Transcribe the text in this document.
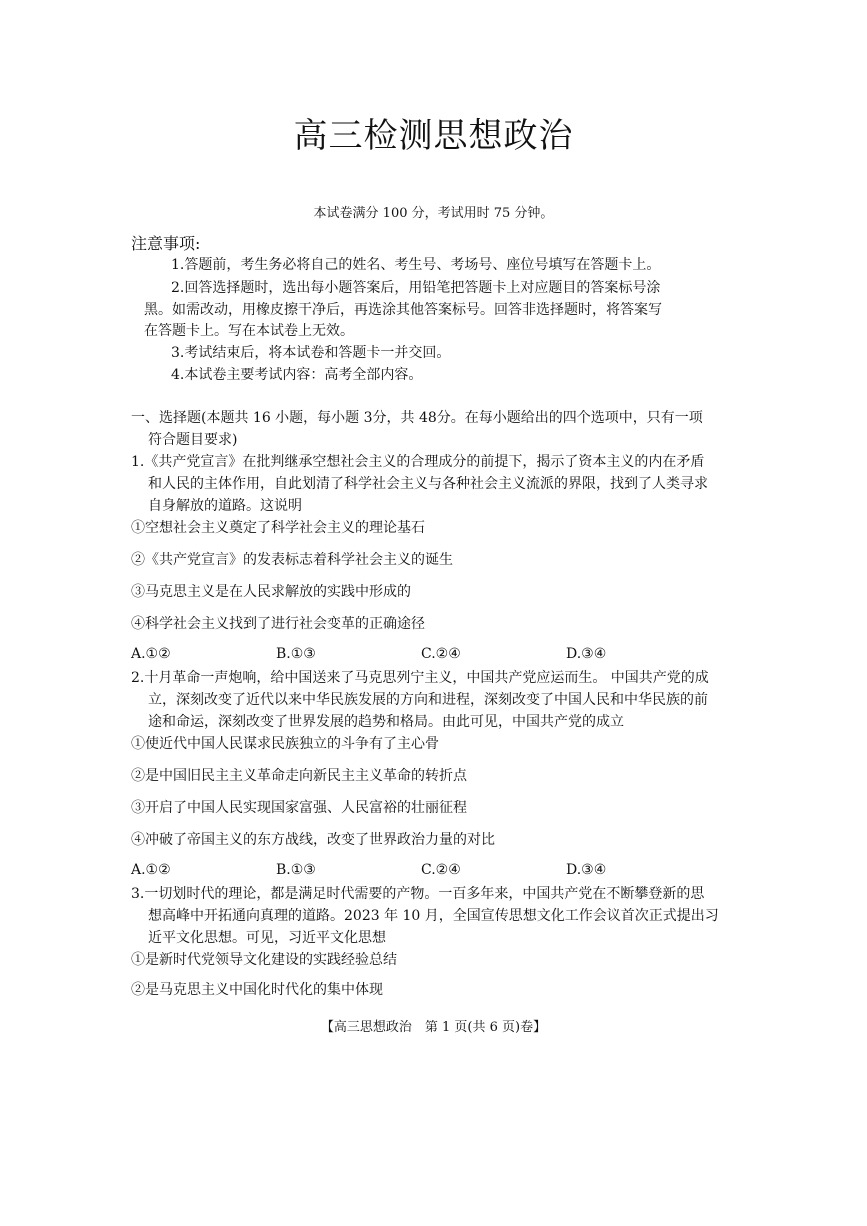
高三检测思想政治
本试卷满分 100 分，考试用时 75 分钟。
注意事项:
1.答题前，考生务必将自己的姓名、考生号、考场号、座位号填写在答题卡上。
2.回答选择题时，选出每小题答案后，用铅笔把答题卡上对应题目的答案标号涂
黑。如需改动，用橡皮擦干净后，再选涂其他答案标号。回答非选择题时，将答案写
在答题卡上。写在本试卷上无效。
3.考试结束后，将本试卷和答题卡一并交回。
4.本试卷主要考试内容：高考全部内容。
一、选择题(本题共 16 小题，每小题 3分，共 48分。在每小题给出的四个选项中，只有一项
符合题目要求)
1.《共产党宣言》在批判继承空想社会主义的合理成分的前提下，揭示了资本主义的内在矛盾
和人民的主体作用，自此划清了科学社会主义与各种社会主义流派的界限，找到了人类寻求
自身解放的道路。这说明
①空想社会主义奠定了科学社会主义的理论基石
②《共产党宣言》的发表标志着科学社会主义的诞生
③马克思主义是在人民求解放的实践中形成的
④科学社会主义找到了进行社会变革的正确途径
A.①②	B.①③	C.②④	D.③④
2.十月革命一声炮响，给中国送来了马克思列宁主义，中国共产党应运而生。 中国共产党的成
立，深刻改变了近代以来中华民族发展的方向和进程，深刻改变了中国人民和中华民族的前
途和命运，深刻改变了世界发展的趋势和格局。由此可见，中国共产党的成立
①使近代中国人民谋求民族独立的斗争有了主心骨
②是中国旧民主主义革命走向新民主主义革命的转折点
③开启了中国人民实现国家富强、人民富裕的壮丽征程
④冲破了帝国主义的东方战线，改变了世界政治力量的对比
A.①②	B.①③	C.②④	D.③④
3.一切划时代的理论，都是满足时代需要的产物。一百多年来，中国共产党在不断攀登新的思
想高峰中开拓通向真理的道路。2023 年 10 月，全国宣传思想文化工作会议首次正式提出习
近平文化思想。可见，习近平文化思想
①是新时代党领导文化建设的实践经验总结
②是马克思主义中国化时代化的集中体现
【高三思想政治　第 1 页(共 6 页)卷】
